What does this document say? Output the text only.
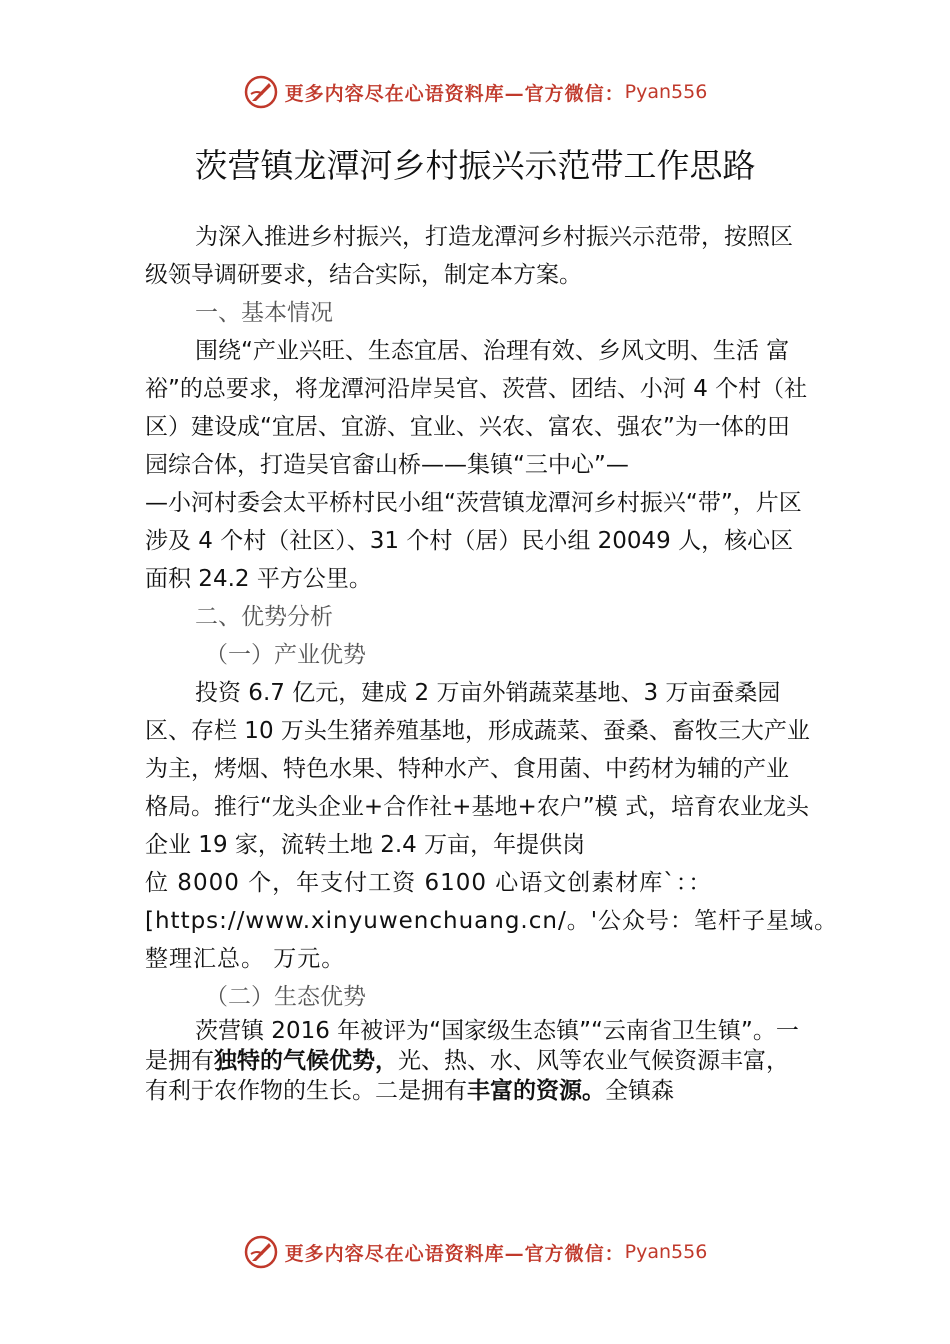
更多内容尽在心语资料库—官方微信： Pyan556
茨营镇龙潭河乡村振兴示范带工作思路

为深入推进乡村振兴，打造龙潭河乡村振兴示范带，按照区级领导调研要求，结合实际，制定本方案。

一、基本情况

围绕“产业兴旺、生态宜居、治理有效、乡风文明、生活 富裕”的总要求，将龙潭河沿岸吴官、茨营、团结、小河 4 个村（社区）建设成“宜居、宜游、宜业、兴农、富农、强农”为一体的田园综合体，打造吴官畲山桥——集镇“三中心”—

—小河村委会太平桥村民小组“茨营镇龙潭河乡村振兴“带”，片区涉及 4 个村（社区）、31 个村（居）民小组 20049 人，核心区面积 24.2 平方公里。

二、优势分析

（一）产业优势

投资 6.7 亿元，建成 2 万亩外销蔬菜基地、3 万亩蚕桑园区、存栏 10 万头生猪养殖基地，形成蔬菜、蚕桑、畜牧三大产业为主，烤烟、特色水果、特种水产、食用菌、中药材为辅的产业格局。推行“龙头企业+合作社+基地+农户”模 式，培育农业龙头企业 19 家，流转土地 2.4 万亩，年提供岗

位 8000 个，年支付工资 6100 心语文创素材库`：：[https://www.xinyuwenchuang.cn/。'公众号：笔杆子星域。整理汇总。 万元。

（二）生态优势

茨营镇 2016 年被评为“国家级生态镇”“云南省卫生镇”。一是拥有独特的气候优势，光、热、水、风等农业气候资源丰富，有利于农作物的生长。二是拥有丰富的资源。全镇森

更多内容尽在心语资料库—官方微信： Pyan556
